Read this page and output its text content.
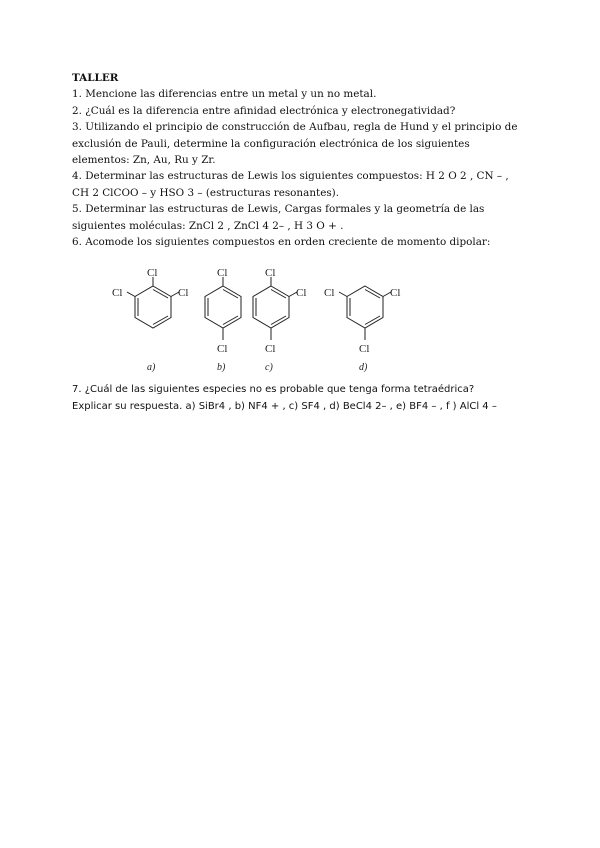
TALLER

1. Mencione las diferencias entre un metal y un no metal.

2. ¿Cuál es la diferencia entre afinidad electrónica y electronegatividad?

3. Utilizando el principio de construcción de Aufbau, regla de Hund y el principio de

exclusión de Pauli, determine la configuración electrónica de los siguientes

elementos: Zn, Au, Ru y Zr.

4. Determinar las estructuras de Lewis los siguientes compuestos: H 2 O 2 , CN – ,

CH 2 ClCOO – y HSO 3 – (estructuras resonantes).

5. Determinar las estructuras de Lewis, Cargas formales y la geometría de las

siguientes moléculas: ZnCl 2 , ZnCl 4 2– , H 3 O + .

6. Acomode los siguientes compuestos en orden creciente de momento dipolar:

Cl
Cl
Cl
Cl
Cl
Cl
Cl
Cl
Cl	Cl
Cl
a)	b)	c)	d)

7. ¿Cuál de las siguientes especies no es probable que tenga forma tetraédrica?

Explicar su respuesta. a) SiBr4 , b) NF4 + , c) SF4 , d) BeCl4 2– , e) BF4 – , f ) AlCl 4 –
